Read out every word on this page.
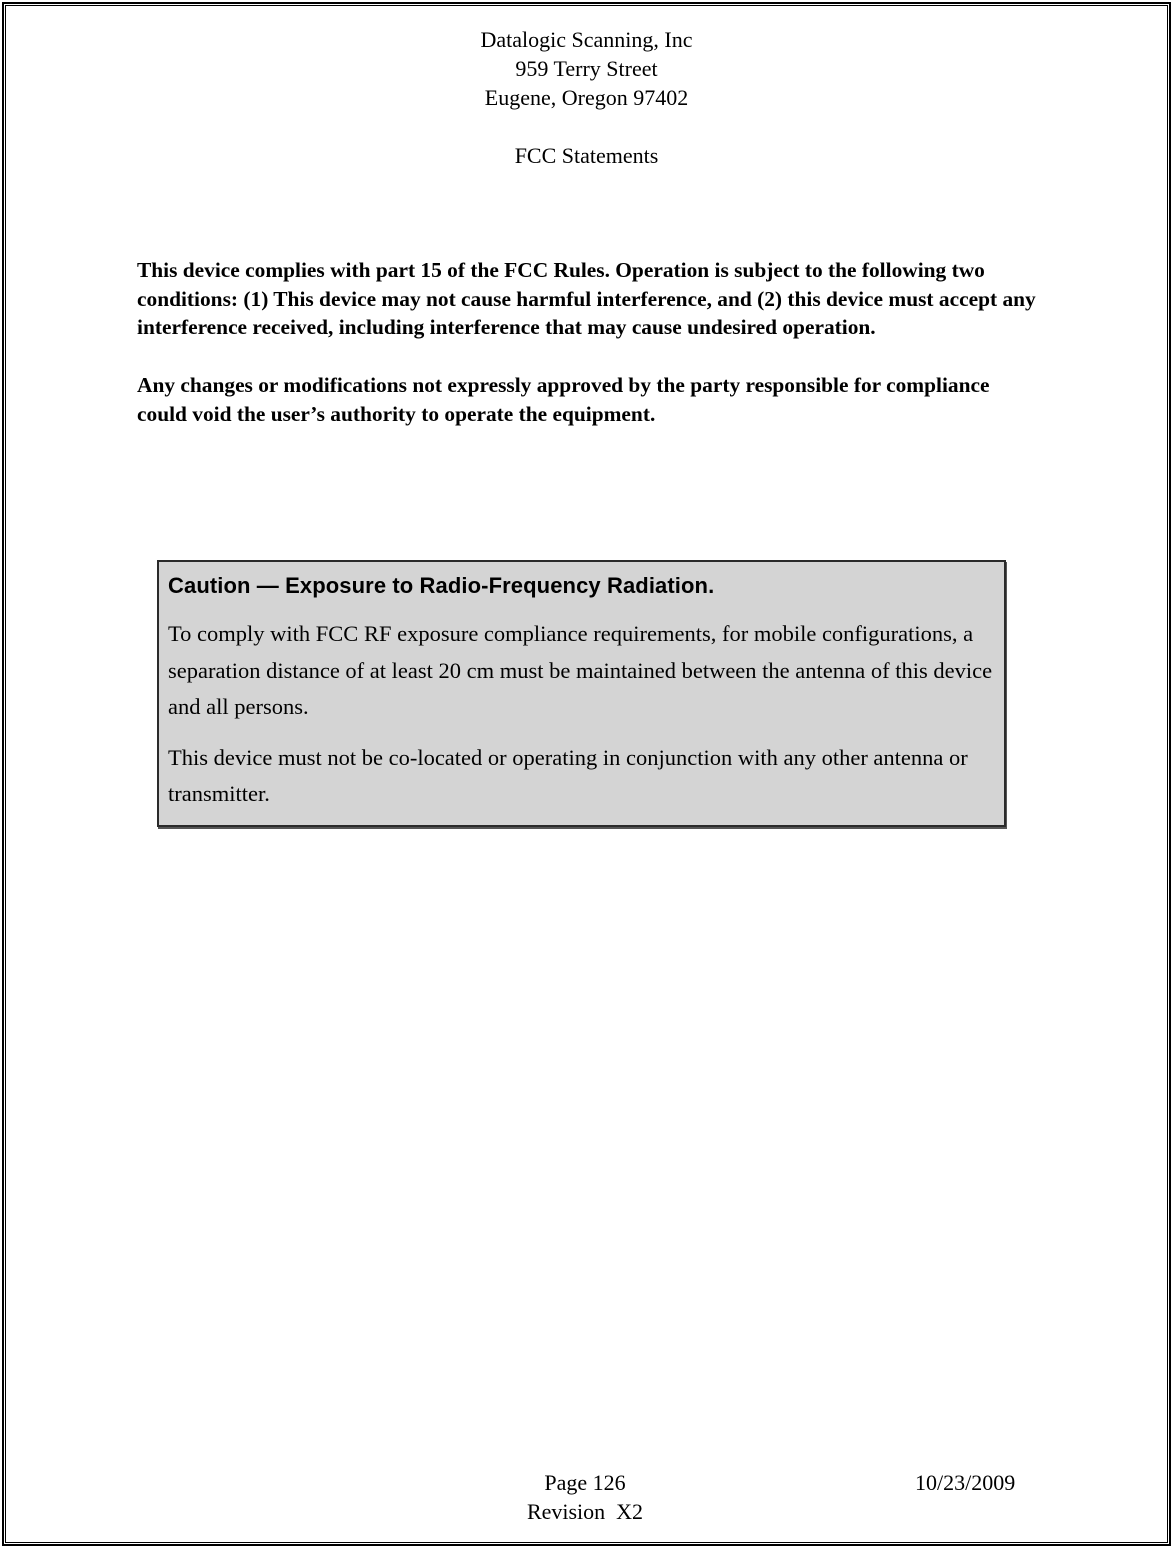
Datalogic Scanning, Inc
959 Terry Street
Eugene, Oregon 97402
FCC Statements

This device complies with part 15 of the FCC Rules. Operation is subject to the following two conditions: (1) This device may not cause harmful interference, and (2) this device must accept any interference received, including interference that may cause undesired operation.

Any changes or modifications not expressly approved by the party responsible for compliance could void the user’s authority to operate the equipment.

Caution — Exposure to Radio-Frequency Radiation.
To comply with FCC RF exposure compliance requirements, for mobile configurations, a separation distance of at least 20 cm must be maintained between the antenna of this device and all persons.
This device must not be co-located or operating in conjunction with any other antenna or transmitter.
Page 126
Revision  X2
10/23/2009
